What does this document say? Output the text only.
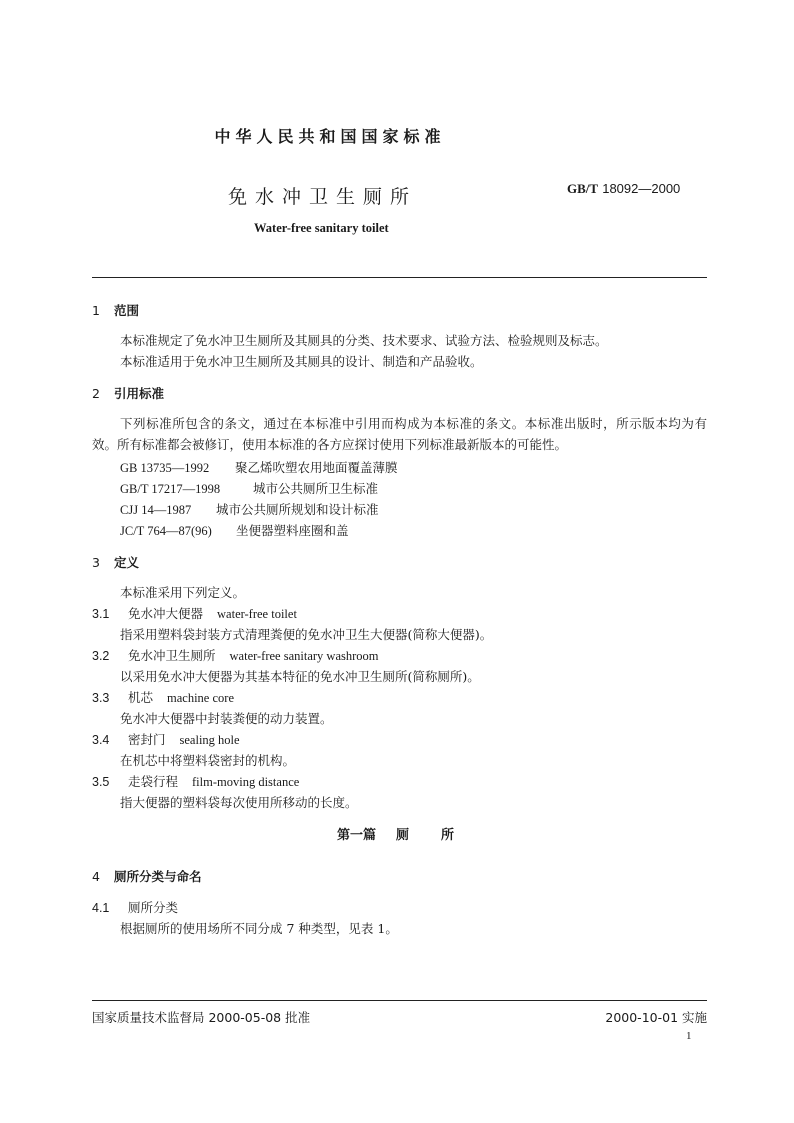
中华人民共和国国家标准
免水冲卫生厕所	GB/T 18092—2000
Water-free sanitary toilet
1 范围
本标准规定了免水冲卫生厕所及其厕具的分类、技术要求、试验方法、检验规则及标志。
本标准适用于免水冲卫生厕所及其厕具的设计、制造和产品验收。
2 引用标准
下列标准所包含的条文，通过在本标准中引用而构成为本标准的条文。本标准出版时，所示版本均为有效。所有标准都会被修订，使用本标准的各方应探讨使用下列标准最新版本的可能性。
GB 13735—1992 聚乙烯吹塑农用地面覆盖薄膜
GB/T 17217—1998	城市公共厕所卫生标准
CJJ 14—1987 城市公共厕所规划和设计标准
JC/T 764—87(96) 坐便器塑料座圈和盖
3 定义
本标准采用下列定义。
3.1 免水冲大便器 water-free toilet
指采用塑料袋封装方式清理粪便的免水冲卫生大便器(简称大便器)。
3.2 免水冲卫生厕所 water-free sanitary washroom
以采用免水冲大便器为其基本特征的免水冲卫生厕所(简称厕所)。
3.3 机芯 machine core
免水冲大便器中封装粪便的动力装置。
3.4 密封门 sealing hole
在机芯中将塑料袋密封的机构。
3.5 走袋行程 film-moving distance
指大便器的塑料袋每次使用所移动的长度。
第一篇 厕 所
4 厕所分类与命名
4.1 厕所分类
根据厕所的使用场所不同分成 7 种类型，见表 1。
国家质量技术监督局 2000-05-08 批准	2000-10-01 实施
1
